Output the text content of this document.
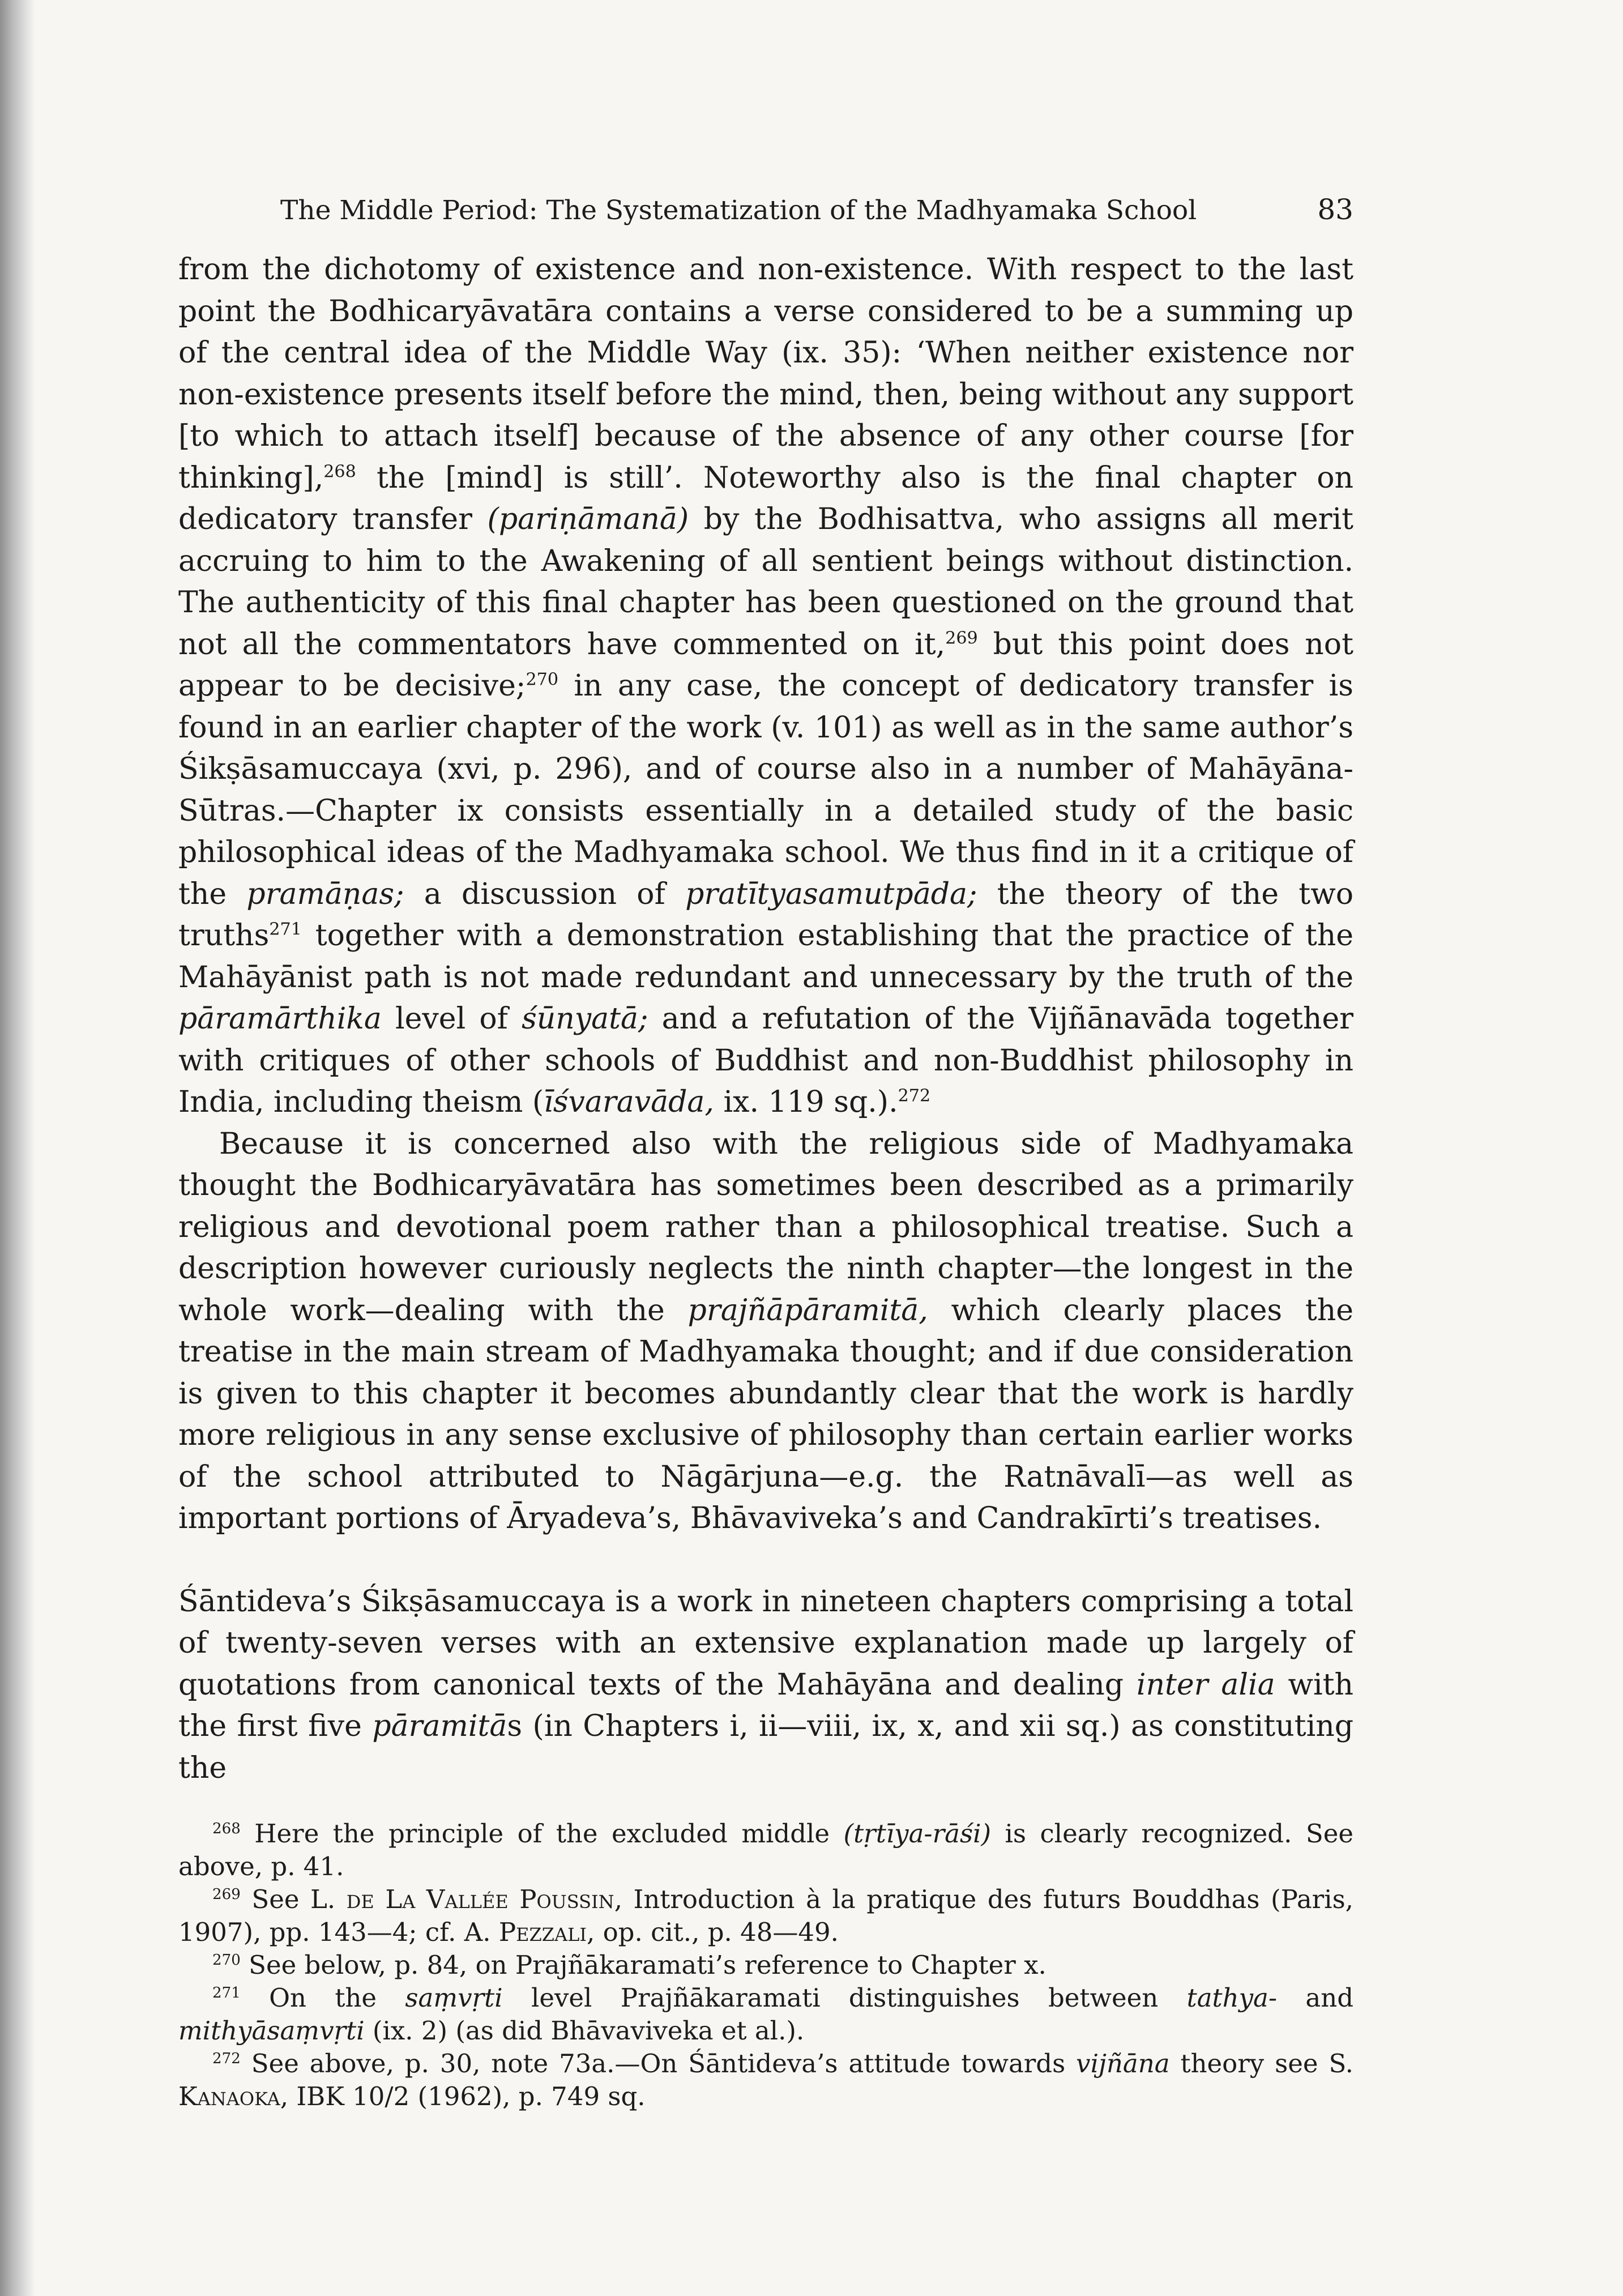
The Middle Period: The Systematization of the Madhyamaka School	83

from the dichotomy of existence and non-existence. With respect to the last point the Bodhicaryāvatāra contains a verse considered to be a summing up of the central idea of the Middle Way (ix. 35): ‘When neither existence nor non-existence presents itself before the mind, then, being without any support [to which to attach itself] because of the absence of any other course [for thinking],$^{268}$ the [mind] is still’. Noteworthy also is the final chapter on dedicatory transfer (pariṇāmanā) by the Bodhisattva, who assigns all merit accruing to him to the Awakening of all sentient beings without distinction. The authenticity of this final chapter has been questioned on the ground that not all the commentators have commented on it,$^{269}$ but this point does not appear to be decisive;$^{270}$ in any case, the concept of dedicatory transfer is found in an earlier chapter of the work (v. 101) as well as in the same author’s Śikṣāsamuccaya (xvi, p. 296), and of course also in a number of Mahāyāna-Sūtras.—Chapter ix consists essentially in a detailed study of the basic philosophical ideas of the Madhyamaka school. We thus find in it a critique of the pramāṇas; a discussion of pratītyasamutpāda; the theory of the two truths$^{271}$ together with a demonstration establishing that the practice of the Mahāyānist path is not made redundant and unnecessary by the truth of the pāramārthika level of śūnyatā; and a refutation of the Vijñānavāda together with critiques of other schools of Buddhist and non-Buddhist philosophy in India, including theism (īśvaravāda, ix. 119 sq.).$^{272}$

Because it is concerned also with the religious side of Madhyamaka thought the Bodhicaryāvatāra has sometimes been described as a primarily religious and devotional poem rather than a philosophical treatise. Such a description however curiously neglects the ninth chapter—the longest in the whole work—dealing with the prajñāpāramitā, which clearly places the treatise in the main stream of Madhyamaka thought; and if due consideration is given to this chapter it becomes abundantly clear that the work is hardly more religious in any sense exclusive of philosophy than certain earlier works of the school attributed to Nāgārjuna—e.g. the Ratnāvalī—as well as important portions of Āryadeva’s, Bhāvaviveka’s and Candrakīrti’s treatises.

Śāntideva’s Śikṣāsamuccaya is a work in nineteen chapters comprising a total of twenty-seven verses with an extensive explanation made up largely of quotations from canonical texts of the Mahāyāna and dealing inter alia with the first five pāramitās (in Chapters i, ii—viii, ix, x, and xii sq.) as constituting the

$^{268}$ Here the principle of the excluded middle (tṛtīya-rāśi) is clearly recognized. See above, p. 41.

$^{269}$ See L. de La Vallée Poussin, Introduction à la pratique des futurs Bouddhas (Paris, 1907), pp. 143—4; cf. A. Pezzali, op. cit., p. 48—49.

$^{270}$ See below, p. 84, on Prajñākaramati’s reference to Chapter x.

$^{271}$ On the saṃvṛti level Prajñākaramati distinguishes between tathya- and mithyāsaṃvṛti (ix. 2) (as did Bhāvaviveka et al.).

$^{272}$ See above, p. 30, note 73a.—On Śāntideva’s attitude towards vijñāna theory see S. Kanaoka, IBK 10/2 (1962), p. 749 sq.
